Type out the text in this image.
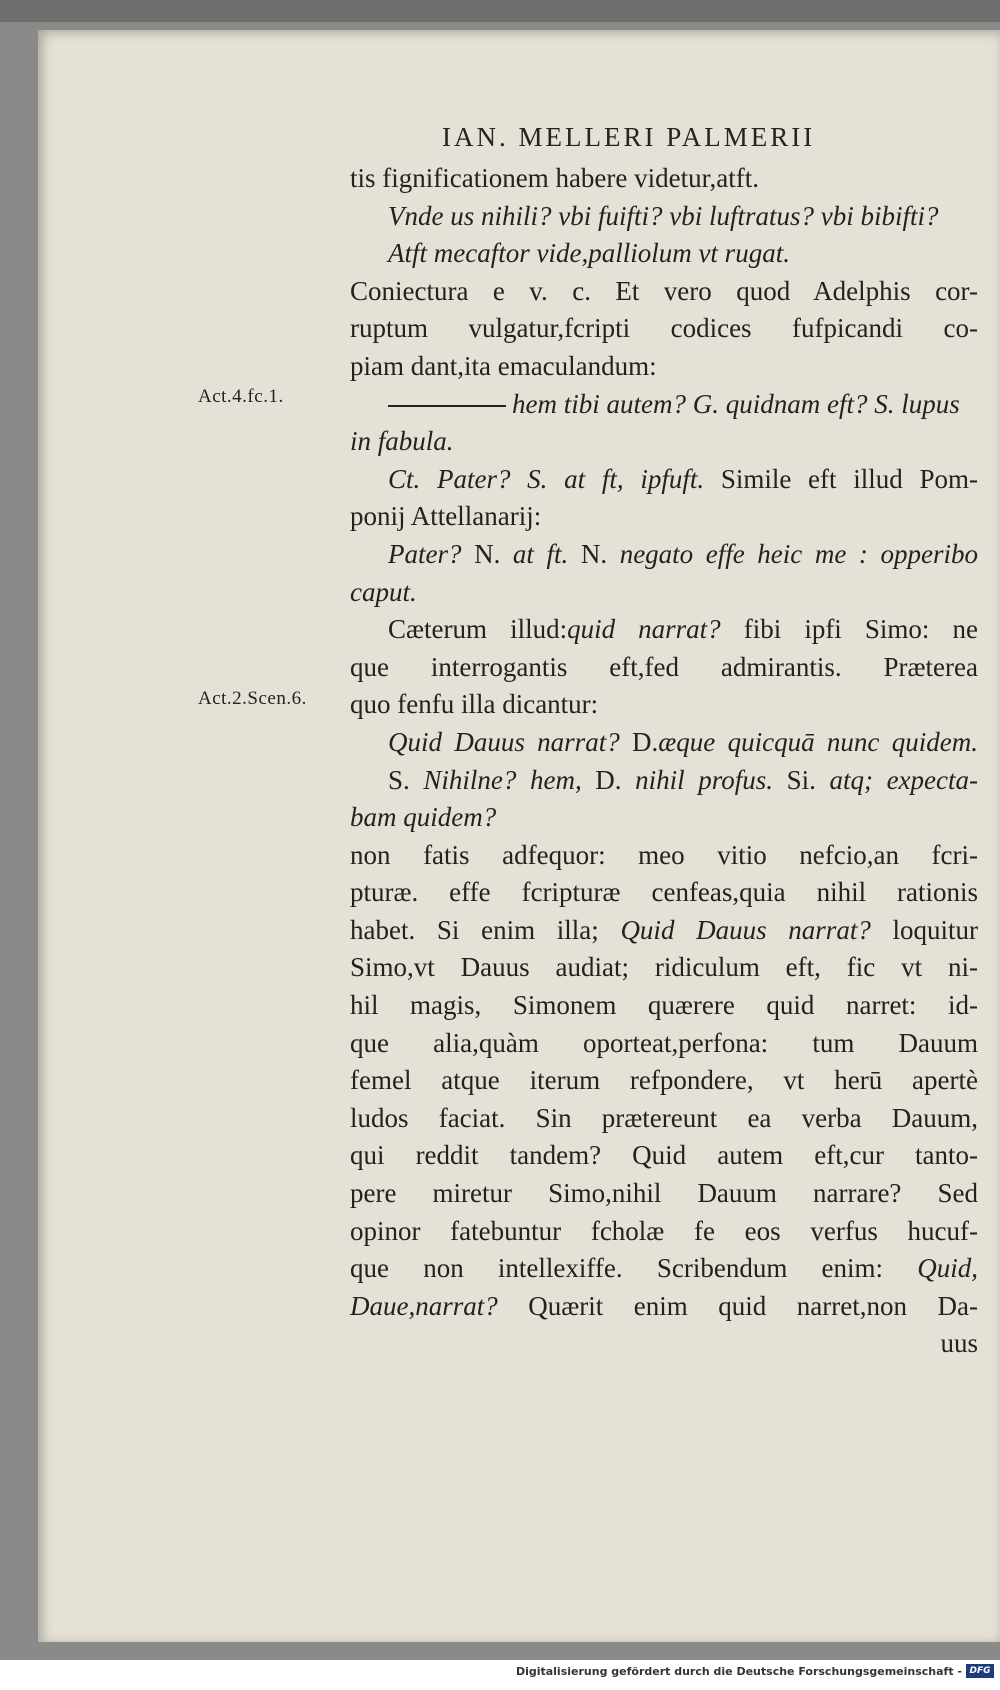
IAN. MELLERI PALMERII
Act.4.fc.1.
Act.2.Scen.6.
tis fignificationem habere videtur,atft.
Vnde us nihili? vbi fuifti? vbi luftratus? vbi bibifti?
Atft mecaftor vide,palliolum vt rugat.
Coniectura e v. c. Et vero quod Adelphis cor-
ruptum vulgatur,fcripti codices fufpicandi co-
piam dant,ita emaculandum:
hem tibi autem? G. quidnam eft? S. lupus
in fabula.
Ct. Pater? S. at ft, ipfuft. Simile eft illud Pom-
ponij Attellanarij:
Pater? N. at ft. N. negato effe heic me : opperibo
caput.
Cæterum illud:quid narrat? fibi ipfi Simo: ne
que interrogantis eft,fed admirantis. Præterea
quo fenfu illa dicantur:
Quid Dauus narrat? D.æque quicquā nunc quidem.
S. Nihilne? hem, D. nihil profus. Si. atq; expecta-
bam quidem?
non fatis adfequor: meo vitio nefcio,an fcri-
pturæ. effe fcripturæ cenfeas,quia nihil rationis
habet. Si enim illa; Quid Dauus narrat? loquitur
Simo,vt Dauus audiat; ridiculum eft, fic vt ni-
hil magis, Simonem quærere quid narret: id-
que alia,quàm oporteat,perfona: tum Dauum
femel atque iterum refpondere, vt herū apertè
ludos faciat. Sin prætereunt ea verba Dauum,
qui reddit tandem? Quid autem eft,cur tanto-
pere miretur Simo,nihil Dauum narrare? Sed
opinor fatebuntur fcholæ fe eos verfus hucuf-
que non intellexiffe. Scribendum enim: Quid,
Daue,narrat? Quærit enim quid narret,non Da-
uus
Digitalisierung gefördert durch die Deutsche Forschungsgemeinschaft - DFG
